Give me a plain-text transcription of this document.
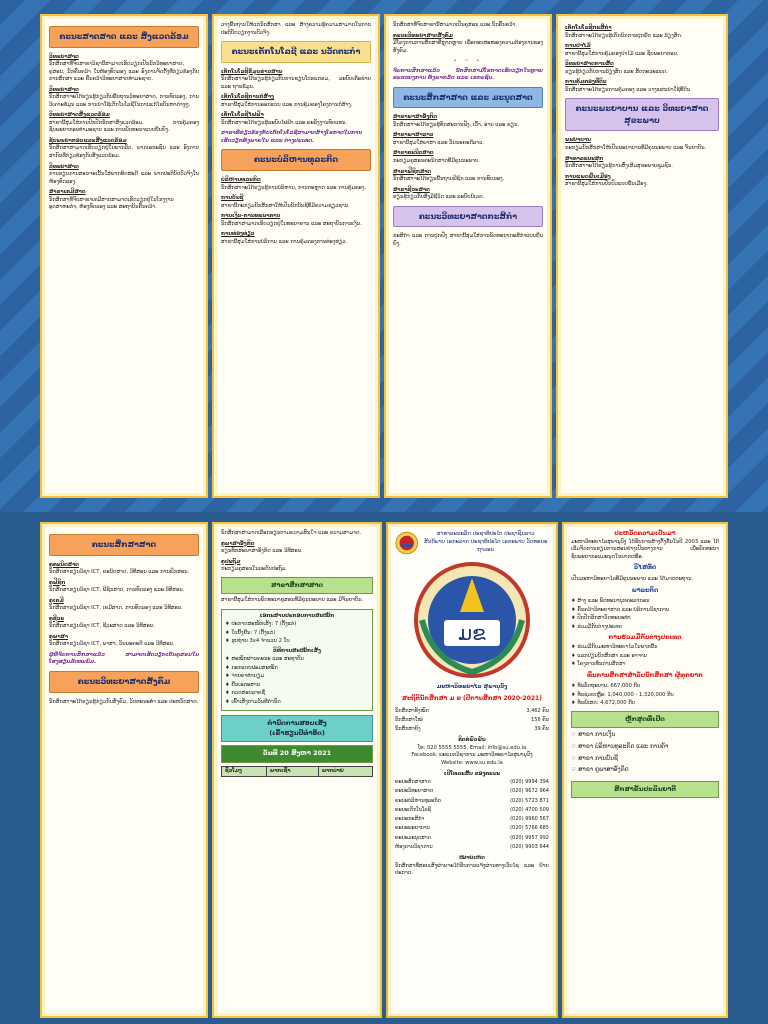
ຄະນະສາດສາດ ແລະ ສິ່ງແວດລ້ອມ
ວິທະຍາສາດ

ນັກສຶກສາທີ່ຈົບສາຂາວິຊານີ້ສາມາດເຮັດວຽກເປັນນັກວິທະຍາສາດ, ຄູສອນ, ນັກຄົ້ນຄວ້າ ໃນຫ້ອງທົດລອງ ແລະ ອົງການຈັດຕັ້ງທີ່ກ່ຽວຂ້ອງກັບການສຶກສາ ແລະ ຄົ້ນຄວ້າວິທະຍາສາດທຳມະຊາດ.

ວິທະຍາສາດ

ນັກສຶກສາຈະໄດ້ຮຽນຮູ້ກ່ຽວກັບພື້ນຖານວິທະຍາສາດ, ການທົດລອງ, ການວິເຄາະຂໍ້ມູນ ແລະ ການນຳໃຊ້ເຕັກໂນໂລຊີໃນການແກ້ໄຂບັນຫາຕ່າງໆ.

ວິທະຍາສາດສິ່ງແວດລ້ອມ

ສາຂານີ້ສຸມໃສ່ການປົກປັກຮັກສາສິ່ງແວດລ້ອມ, ການຄຸ້ມຄອງຊັບພະຍາກອນທຳມະຊາດ ແລະ ການພັດທະນາແບບຍືນຍົງ.

ຊັບພະຍາກອນແລະສິ່ງແວດລ້ອມ

ນັກສຶກສາສາມາດເຮັດວຽກຢູ່ໃນພາກລັດ, ພາກເອກະຊົນ ແລະ ອົງການສາກົນທີ່ກ່ຽວຂ້ອງກັບສິ່ງແວດລ້ອມ.

ວິທະຍາສາດ

ການຮຽນການສອນຈະເນັ້ນໃສ່ພາກທິດສະດີ ແລະ ພາກປະຕິບັດຕົວຈິງໃນຫ້ອງທົດລອງ.

ສາຂາເຄມີສາດ

ນັກສຶກສາທີ່ຈົບສາຂາເຄມີສາດສາມາດເຮັດວຽກຢູ່ໃນໂຮງງານອຸດສາຫະກຳ, ຫ້ອງທົດລອງ ແລະ ສະຖາບັນຄົ້ນຄວ້າ.

ວາງພື້ນຖານໃຫ້ແກ່ນັກສຶກສາ ແລະ ສ້າງຄວາມຮູ້ຄວາມສາມາດໃນການປະຕິບັດວຽກງານຕົວຈິງ.

ຄະນະເຕັກໂນໂລຊີ ແລະ ນວັດຕະກຳ
ເຕັກໂນໂລຊີຂໍ້ມູນຂ່າວສານ

ນັກສຶກສາຈະໄດ້ຮຽນຮູ້ກ່ຽວກັບການຂຽນໂປຣແກຣມ, ລະບົບເຄືອຂ່າຍ ແລະ ຖານຂໍ້ມູນ.

ເຕັກໂນໂລຊີການກໍ່ສ້າງ

ສາຂານີ້ສຸມໃສ່ການອອກແບບ ແລະ ການຄຸ້ມຄອງໂຄງການກໍ່ສ້າງ.

ເຕັກໂນໂລຊີໄຟຟ້າ

ນັກສຶກສາຈະໄດ້ຮຽນຮູ້ລະບົບໄຟຟ້າ ແລະ ພະລັງງານທົດແທນ.

ສາຂາທີ່ກ່ຽວຂ້ອງກັບເຕັກໂນໂລຊີສາມາດສ້າງໂອກາດໃນການເຮັດວຽກທັງພາຍໃນ ແລະ ຕ່າງປະເທດ.

ຄະນະບໍລິຫານທຸລະກິດ
ບໍລິຫານທຸລະກິດ

ນັກສຶກສາຈະໄດ້ຮຽນຮູ້ການບໍລິຫານ, ການຕະຫຼາດ ແລະ ການຄຸ້ມຄອງ.

ການບັນຊີ

ສາຂານີ້ກະກຽມນັກສຶກສາໃຫ້ເປັນນັກບັນຊີທີ່ມີຄວາມຊ່ຽວຊານ.

ການເງິນ-ການທະນາຄານ

ນັກສຶກສາສາມາດເຮັດວຽກຢູ່ໃນທະນາຄານ ແລະ ສະຖາບັນການເງິນ.

ການທ່ອງທ່ຽວ

ສາຂານີ້ສຸມໃສ່ການບໍລິການ ແລະ ການຄຸ້ມຄອງການທ່ອງທ່ຽວ.

ນັກສຶກສາທີ່ຈົບສາຂານີ້ສາມາດເປັນຄູສອນ ແລະ ນັກຄົ້ນຄວ້າ.

ຄະນະວິທະຍາສາດສັງຄົມ

ມີໂຄງການການສຶກສາທີ່ຫຼາກຫຼາຍ ເພື່ອຕອບສະໜອງຄວາມຕ້ອງການຂອງສັງຄົມ.

• ~ •

ຈົບການສຶກສາແລ້ວ ນັກສຶກສາມີໂອກາດເຮັດວຽກໃນຫຼາຍຂະແໜງການ ທັງພາກລັດ ແລະ ເອກະຊົນ.

ຄະນະສຶກສາສາດ ແລະ ມະນຸດສາດ
ສາຂາພາສາອັງກິດ

ນັກສຶກສາຈະໄດ້ຮຽນຮູ້ທັກສະການຟັງ, ເວົ້າ, ອ່ານ ແລະ ຂຽນ.

ສາຂາພາສາລາວ

ສາຂານີ້ສຸມໃສ່ພາສາ ແລະ ວັນນະຄະດີລາວ.

ສາຂາຄະນິດສາດ

ກະກຽມຄູສອນຄະນິດສາດທີ່ມີຄຸນນະພາບ.

ສາຂາຟີຊິກສາດ

ນັກສຶກສາຈະໄດ້ຮຽນພື້ນຖານຟີຊິກ ແລະ ການທົດລອງ.

ສາຂາຊີວະສາດ

ຮຽນຮູ້ກ່ຽວກັບສິ່ງມີຊີວິດ ແລະ ລະບົບນິເວດ.

ຄະນະວິທະຍາສາດກະສິກຳ

ກະສິກຳ ແລະ ການປູກຝັງ ສາຂານີ້ສຸມໃສ່ການພັດທະນາກະສິກຳແບບຍືນຍົງ.

ເຕັກໂນໂລຊີກະສິກຳ

ນັກສຶກສາຈະໄດ້ຮຽນຮູ້ເຕັກນິກການປູກພືດ ແລະ ລ້ຽງສັດ.

ການປ່າໄມ້

ສາຂານີ້ສຸມໃສ່ການຄຸ້ມຄອງປ່າໄມ້ ແລະ ຊັບພະຍາກອນ.

ວິທະຍາສາດການສັດ

ຮຽນຮູ້ກ່ຽວກັບການລ້ຽງສັດ ແລະ ສັດຕະວະແພດ.

ການຄຸ້ມຄອງທີ່ດິນ

ນັກສຶກສາຈະໄດ້ຮຽນການຄຸ້ມຄອງ ແລະ ວາງແຜນນຳໃຊ້ທີ່ດິນ.

ຄະນະພະຍາບານ ແລະ ວິທະຍາສາດສຸຂະພາບ
ພະຍາບານ

ກະກຽມນັກສຶກສາໃຫ້ເປັນພະຍາບານທີ່ມີຄຸນນະພາບ ແລະ ຈັນຍາບັນ.

ສາທາລະນະສຸກ

ນັກສຶກສາຈະໄດ້ຮຽນຮູ້ການສົ່ງເສີມສຸຂະພາບຊຸມຊົນ.

ການແພດພື້ນເມືອງ

ສາຂານີ້ສຸມໃສ່ການປິ່ນປົວແບບພື້ນເມືອງ.

ຄະນະສຶກສາສາດ
ຄູຄະນິດສາດ

ນັກສຶກສາຮຽນວິຊາ ICT, ຄະນິດສາດ, ວິທີສອນ ແລະ ການຝຶກສອນ.

ຄູຟີຊິກ

ນັກສຶກສາຮຽນວິຊາ ICT, ຟີຊິກສາດ, ການທົດລອງ ແລະ ວິທີສອນ.

ຄູເຄມີ

ນັກສຶກສາຮຽນວິຊາ ICT, ເຄມີສາດ, ການທົດລອງ ແລະ ວິທີສອນ.

ຄູຊີວະ

ນັກສຶກສາຮຽນວິຊາ ICT, ຊີວະສາດ ແລະ ວິທີສອນ.

ຄູພາສາ

ນັກສຶກສາຮຽນວິຊາ ICT, ພາສາ, ວັນນະຄະດີ ແລະ ວິທີສອນ.

ຜູ້ທີ່ຈົບການສຶກສາແລ້ວ ສາມາດເຮັດວຽກເປັນຄູສອນໃນໂຮງຮຽນມັດທະຍົມ.

ຄະນະວິທະຍາສາດສັງຄົມ

ນັກສຶກສາຈະໄດ້ຮຽນຮູ້ກ່ຽວກັບສັງຄົມ, ວັດທະນະທຳ ແລະ ປະຫວັດສາດ.

ນັກສຶກສາສາມາດເລືອກຮຽນຕາມຄວາມສົນໃຈ ແລະ ຄວາມສາມາດ.

ຄູພາສາອັງກິດ

ຮຽນທັກສະພາສາອັງກິດ ແລະ ວິທີສອນ.

ຄູປະຖົມ

ກະກຽມຄູສອນໃນລະດັບປະຖົມ.

ສາຂາສຶກສາສາດ

ສາຂານີ້ສຸມໃສ່ການພັດທະນາຄູສອນທີ່ມີຄຸນນະພາບ ແລະ ມີຈັນຍາບັນ.

ເອກະສານປະກອບການສະໝັກ
♦ ປະກາດສະໝັກເສັງ: 7 (ຕັ້ງແຕ່)
♦ ໃບຢັ້ງຢືນ: 7 (ຕັ້ງແຕ່)
♦ ຮູບຖ່າຍ 3x4 ຈຳນວນ 2 ໃບ
ວິທີການສະໝັກເສັງ
♦ ສະໝັກຜ່ານຄະນະ ແລະ ສະຖາບັນ
♦ ກອກແບບຟອມສະໝັກ
♦ ຈ່າຍຄ່າທຳນຽມ
♦ ຍື່ນເອກະສານ
♦ ກວດສອບລາຍຊື່
♦ ເຂົ້າເສັງຕາມວັນທີກຳນົດ
ກຳນົດການສອບເສັງ
(ເຂົ້າຮຽນປີທຳອິດ)
ວັນທີ 20 ສິງຫາ 2021
ຊົ່ວໂມງ	ພາກເຊົ້າ	ພາກບ່າຍ
ສາທາລະນະລັດ ປະຊາທິປະໄຕ ປະຊາຊົນລາວ
ສັນຕິພາບ ເອກະລາດ ປະຊາທິປະໄຕ ເອກະພາບ ວັດທະນະຖາວອນ
ມຂ
ມະຫາວິທະຍາໄລ ສຸພານຸວົງ
ສະຖິຕິນັກສຶກສາ ມ ຂ (ປີການສຶກສາ 2020-2021)
ນັກສຶກສາທັງໝົດ	3,462 ຄົນ
ນັກສຶກສາໃໝ່	156 ຄົນ
ນັກສຶກສາຍິງ	39 ຄົນ
ຕິດຕໍ່ພົວພັນ
ໂທ: 020 5555 5555, Email: info@su.edu.la
Facebook: ພະແນກວິຊາການ ມະຫາວິທະຍາໄລສຸພານຸວົງ
Website: www.su.edu.la
ເບີໂທລະສັບ ຂອງຄະນະ
ຄະນະສຶກສາສາດ	(020) 9994 394
ຄະນະວິທະຍາສາດ	(020) 9672 964
ຄະນະບໍລິຫານທຸລະກິດ	(020) 5723 871
ຄະນະເຕັກໂນໂລຊີ	(020) 4700 509
ຄະນະກະສິກຳ	(020) 9960 567
ຄະນະພະຍາບານ	(020) 5766 685
ຄະນະມະນຸດສາດ	(020) 9957 992
ຫ້ອງການວິຊາການ	(020) 9903 644
ໝາຍເຫດ

ນັກສຶກສາທີ່ສອບເສັງຜ່ານຈະໄດ້ຮັບການແຈ້ງຜ່ານທາງເວັບໄຊ ແລະ ປ້າຍປະກາດ.

ປະຫວັດຄວາມເປັນມາ

ມະຫາວິທະຍາໄລສຸພານຸວົງ ໄດ້ຮັບການສ້າງຕັ້ງຂຶ້ນໃນປີ 2003 ແລະ ໄດ້ເລີ່ມຈັດການຮຽນການສອນຢ່າງເປັນທາງການ ເພື່ອພັດທະນາຊັບພະຍາກອນມະນຸດໃນພາກເໜືອ.

ວິໄສທັດ

ເປັນມະຫາວິທະຍາໄລທີ່ມີຄຸນນະພາບ ແລະ ໄດ້ມາດຕະຖານ.

ພາລະກິດ
♦ ສ້າງ ແລະ ພັດທະນາບຸກຄະລາກອນ
♦ ຄົ້ນຄວ້າວິທະຍາສາດ ແລະ ບໍລິການວິຊາການ
♦ ປົກປັກຮັກສາວັດທະນະທຳ
♦ ຮ່ວມມືກັບຕ່າງປະເທດ
ການຮ່ວມມືກັບຕ່າງປະເທດ
♦ ຮ່ວມມືກັບມະຫາວິທະຍາໄລໃນພາກພື້ນ
♦ ແລກປ່ຽນນັກສຶກສາ ແລະ ອາຈານ
♦ ໂຄງການທຶນການສຶກສາ
ທຶນການສຶກສາສຳລັບນັກສຶກສາ ຜູ້ທຸກຍາກ
♦ ທຶນລັດຖະບານ: 667,000 ກີບ
♦ ທຶນຊ່ວຍເຫຼືອ: 1,040,000 - 1,320,000 ກີບ
♦ ທຶນພິເສດ: 4,672,000 ກີບ
ຫຼັກສູດທີ່ເປີດ
☞ ສາຂາ ການເງິນ
☞ ສາຂາ ບໍລິຫານທຸລະກິດ ແລະ ການຄ້າ
☞ ສາຂາ ການບັນຊີ
☞ ສາຂາ ຄູພາສາອັງກິດ
ສີກສາຂັ້ນປະລິນຍາຕີ
